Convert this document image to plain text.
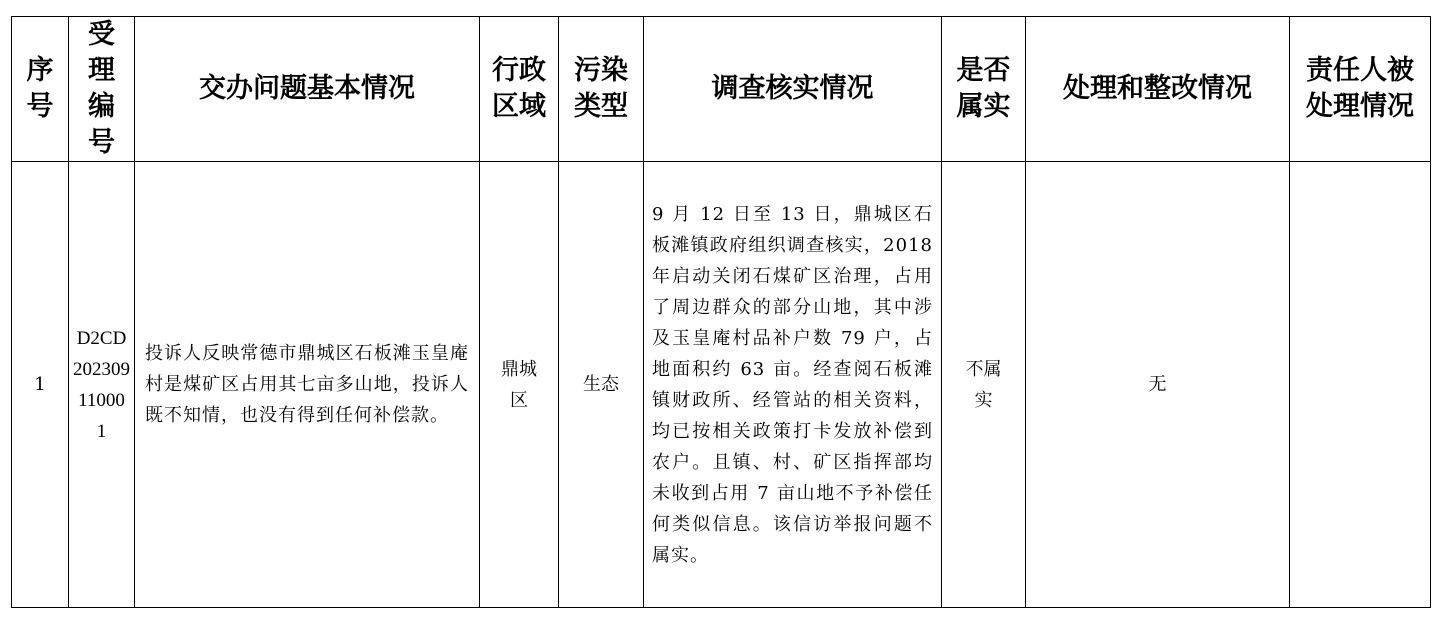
序号	受理编号	交办问题基本情况	行政区域	污染类型	调查核实情况	是否属实	处理和整改情况	责任人被处理情况
1	D2CD20230911000 1	投诉人反映常德市鼎城区石板滩玉皇庵村是煤矿区占用其七亩多山地，投诉人既不知情，也没有得到任何补偿款。	鼎城区	生态	9 月 12 日至 13 日，鼎城区石板滩镇政府组织调查核实，2018 年启动关闭石煤矿区治理，占用了周边群众的部分山地，其中涉及玉皇庵村品补户数 79 户，占地面积约 63 亩。经查阅石板滩镇财政所、经管站的相关资料，均已按相关政策打卡发放补偿到农户。且镇、村、矿区指挥部均未收到占用 7 亩山地不予补偿任何类似信息。该信访举报问题不属实。	不属实	无	
